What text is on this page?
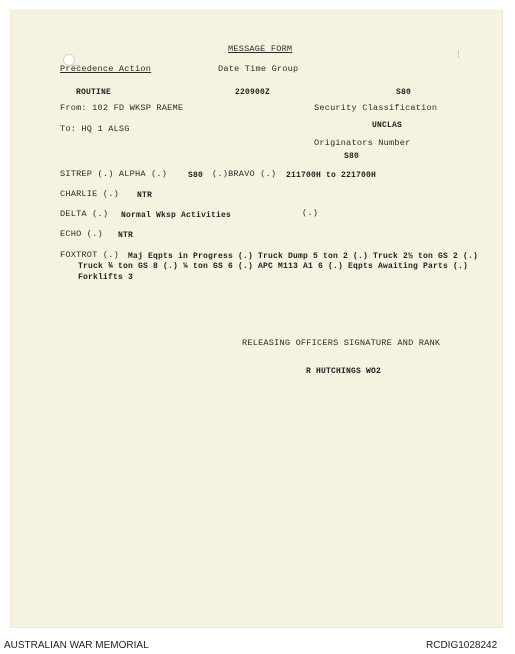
MESSAGE FORM
Precedence Action	Date Time Group
ROUTINE	220900Z	S80
From: 102 FD WKSP RAEME	Security Classification
UNCLAS
To: HQ 1 ALSG
Originators Number
S80
SITREP (.) ALPHA (.)	S80 (.)BRAVO (.) 211700H to 221700H
CHARLIE (.) NTR
DELTA (.) Normal Wksp Activities	(.)
ECHO (.) NTR
FOXTROT (.) Maj Eqpts in Progress (.) Truck Dump 5 ton 2 (.) Truck 2½ ton GS 2 (.)
Truck ¾ ton GS 8 (.) ¼ ton GS 6 (.) APC M113 A1 6 (.) Eqpts Awaiting Parts (.)
Forklifts 3
RELEASING OFFICERS SIGNATURE AND RANK
R HUTCHINGS WO2
AUSTRALIAN WAR MEMORIAL	RCDIG1028242
